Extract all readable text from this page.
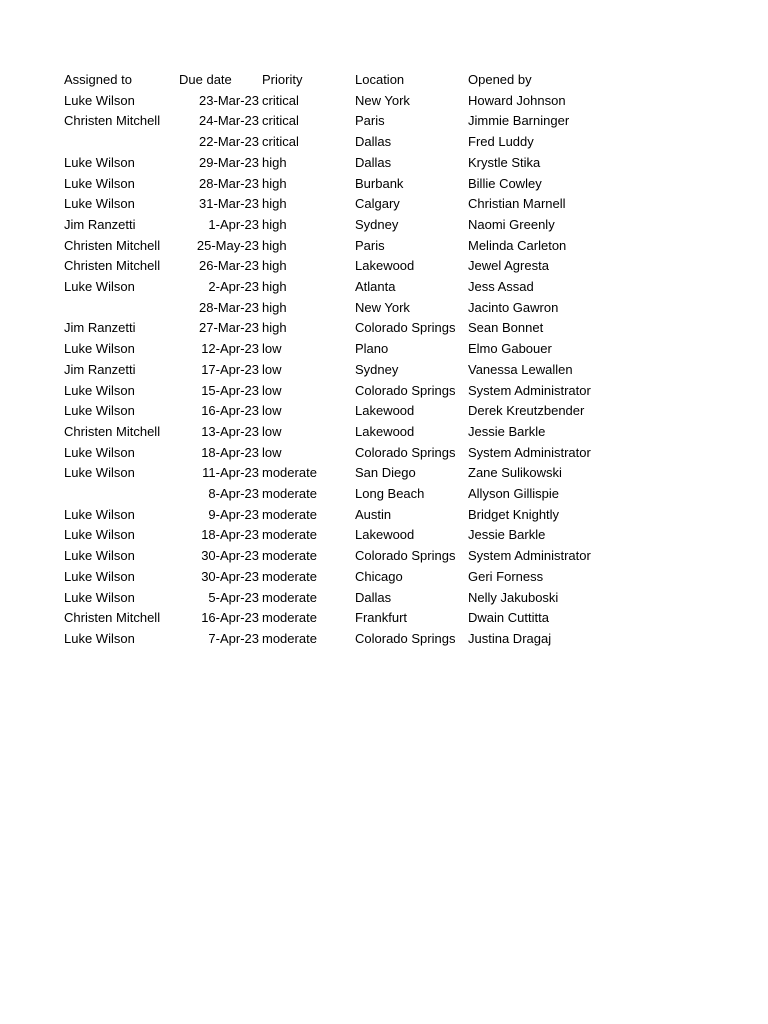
Assigned to	Due date	Priority	Location	Opened by
Luke Wilson	23-Mar-23	critical	New York	Howard Johnson
Christen Mitchell	24-Mar-23	critical	Paris	Jimmie Barninger
	22-Mar-23	critical	Dallas	Fred Luddy
Luke Wilson	29-Mar-23	high	Dallas	Krystle Stika
Luke Wilson	28-Mar-23	high	Burbank	Billie Cowley
Luke Wilson	31-Mar-23	high	Calgary	Christian Marnell
Jim Ranzetti	1-Apr-23	high	Sydney	Naomi Greenly
Christen Mitchell	25-May-23	high	Paris	Melinda Carleton
Christen Mitchell	26-Mar-23	high	Lakewood	Jewel Agresta
Luke Wilson	2-Apr-23	high	Atlanta	Jess Assad
	28-Mar-23	high	New York	Jacinto Gawron
Jim Ranzetti	27-Mar-23	high	Colorado Springs	Sean Bonnet
Luke Wilson	12-Apr-23	low	Plano	Elmo Gabouer
Jim Ranzetti	17-Apr-23	low	Sydney	Vanessa Lewallen
Luke Wilson	15-Apr-23	low	Colorado Springs	System Administrator
Luke Wilson	16-Apr-23	low	Lakewood	Derek Kreutzbender
Christen Mitchell	13-Apr-23	low	Lakewood	Jessie Barkle
Luke Wilson	18-Apr-23	low	Colorado Springs	System Administrator
Luke Wilson	11-Apr-23	moderate	San Diego	Zane Sulikowski
	8-Apr-23	moderate	Long Beach	Allyson Gillispie
Luke Wilson	9-Apr-23	moderate	Austin	Bridget Knightly
Luke Wilson	18-Apr-23	moderate	Lakewood	Jessie Barkle
Luke Wilson	30-Apr-23	moderate	Colorado Springs	System Administrator
Luke Wilson	30-Apr-23	moderate	Chicago	Geri Forness
Luke Wilson	5-Apr-23	moderate	Dallas	Nelly Jakuboski
Christen Mitchell	16-Apr-23	moderate	Frankfurt	Dwain Cuttitta
Luke Wilson	7-Apr-23	moderate	Colorado Springs	Justina Dragaj
